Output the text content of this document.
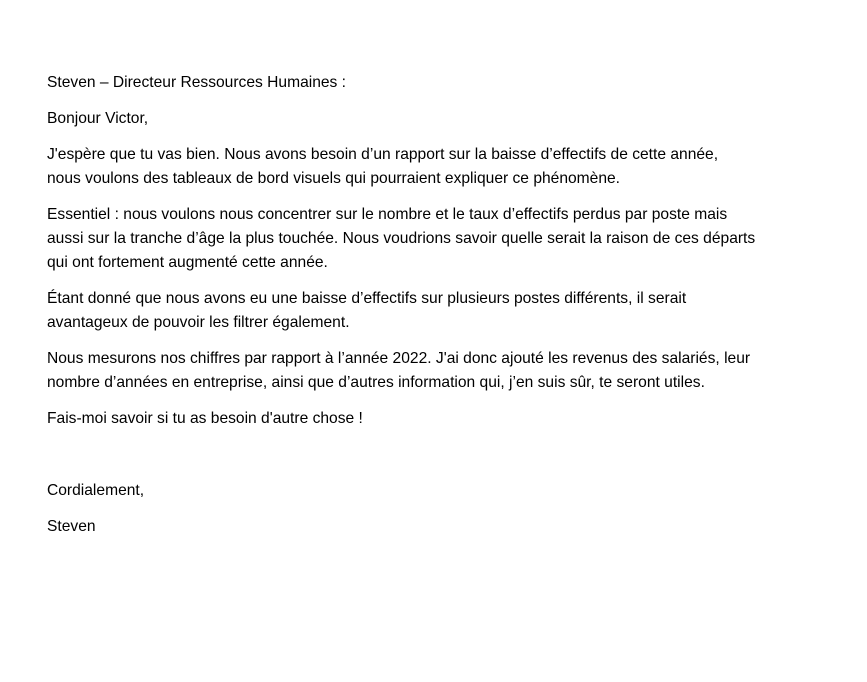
Steven – Directeur Ressources Humaines :

Bonjour Victor,

J'espère que tu vas bien. Nous avons besoin d’un rapport sur la baisse d’effectifs de cette année,
nous voulons des tableaux de bord visuels qui pourraient expliquer ce phénomène.

Essentiel : nous voulons nous concentrer sur le nombre et le taux d’effectifs perdus par poste mais
aussi sur la tranche d’âge la plus touchée. Nous voudrions savoir quelle serait la raison de ces départs
qui ont fortement augmenté cette année.

Étant donné que nous avons eu une baisse d’effectifs sur plusieurs postes différents, il serait
avantageux de pouvoir les filtrer également.

Nous mesurons nos chiffres par rapport à l’année 2022. J'ai donc ajouté les revenus des salariés, leur
nombre d’années en entreprise, ainsi que d’autres information qui, j’en suis sûr, te seront utiles.

Fais-moi savoir si tu as besoin d'autre chose !

Cordialement,

Steven
